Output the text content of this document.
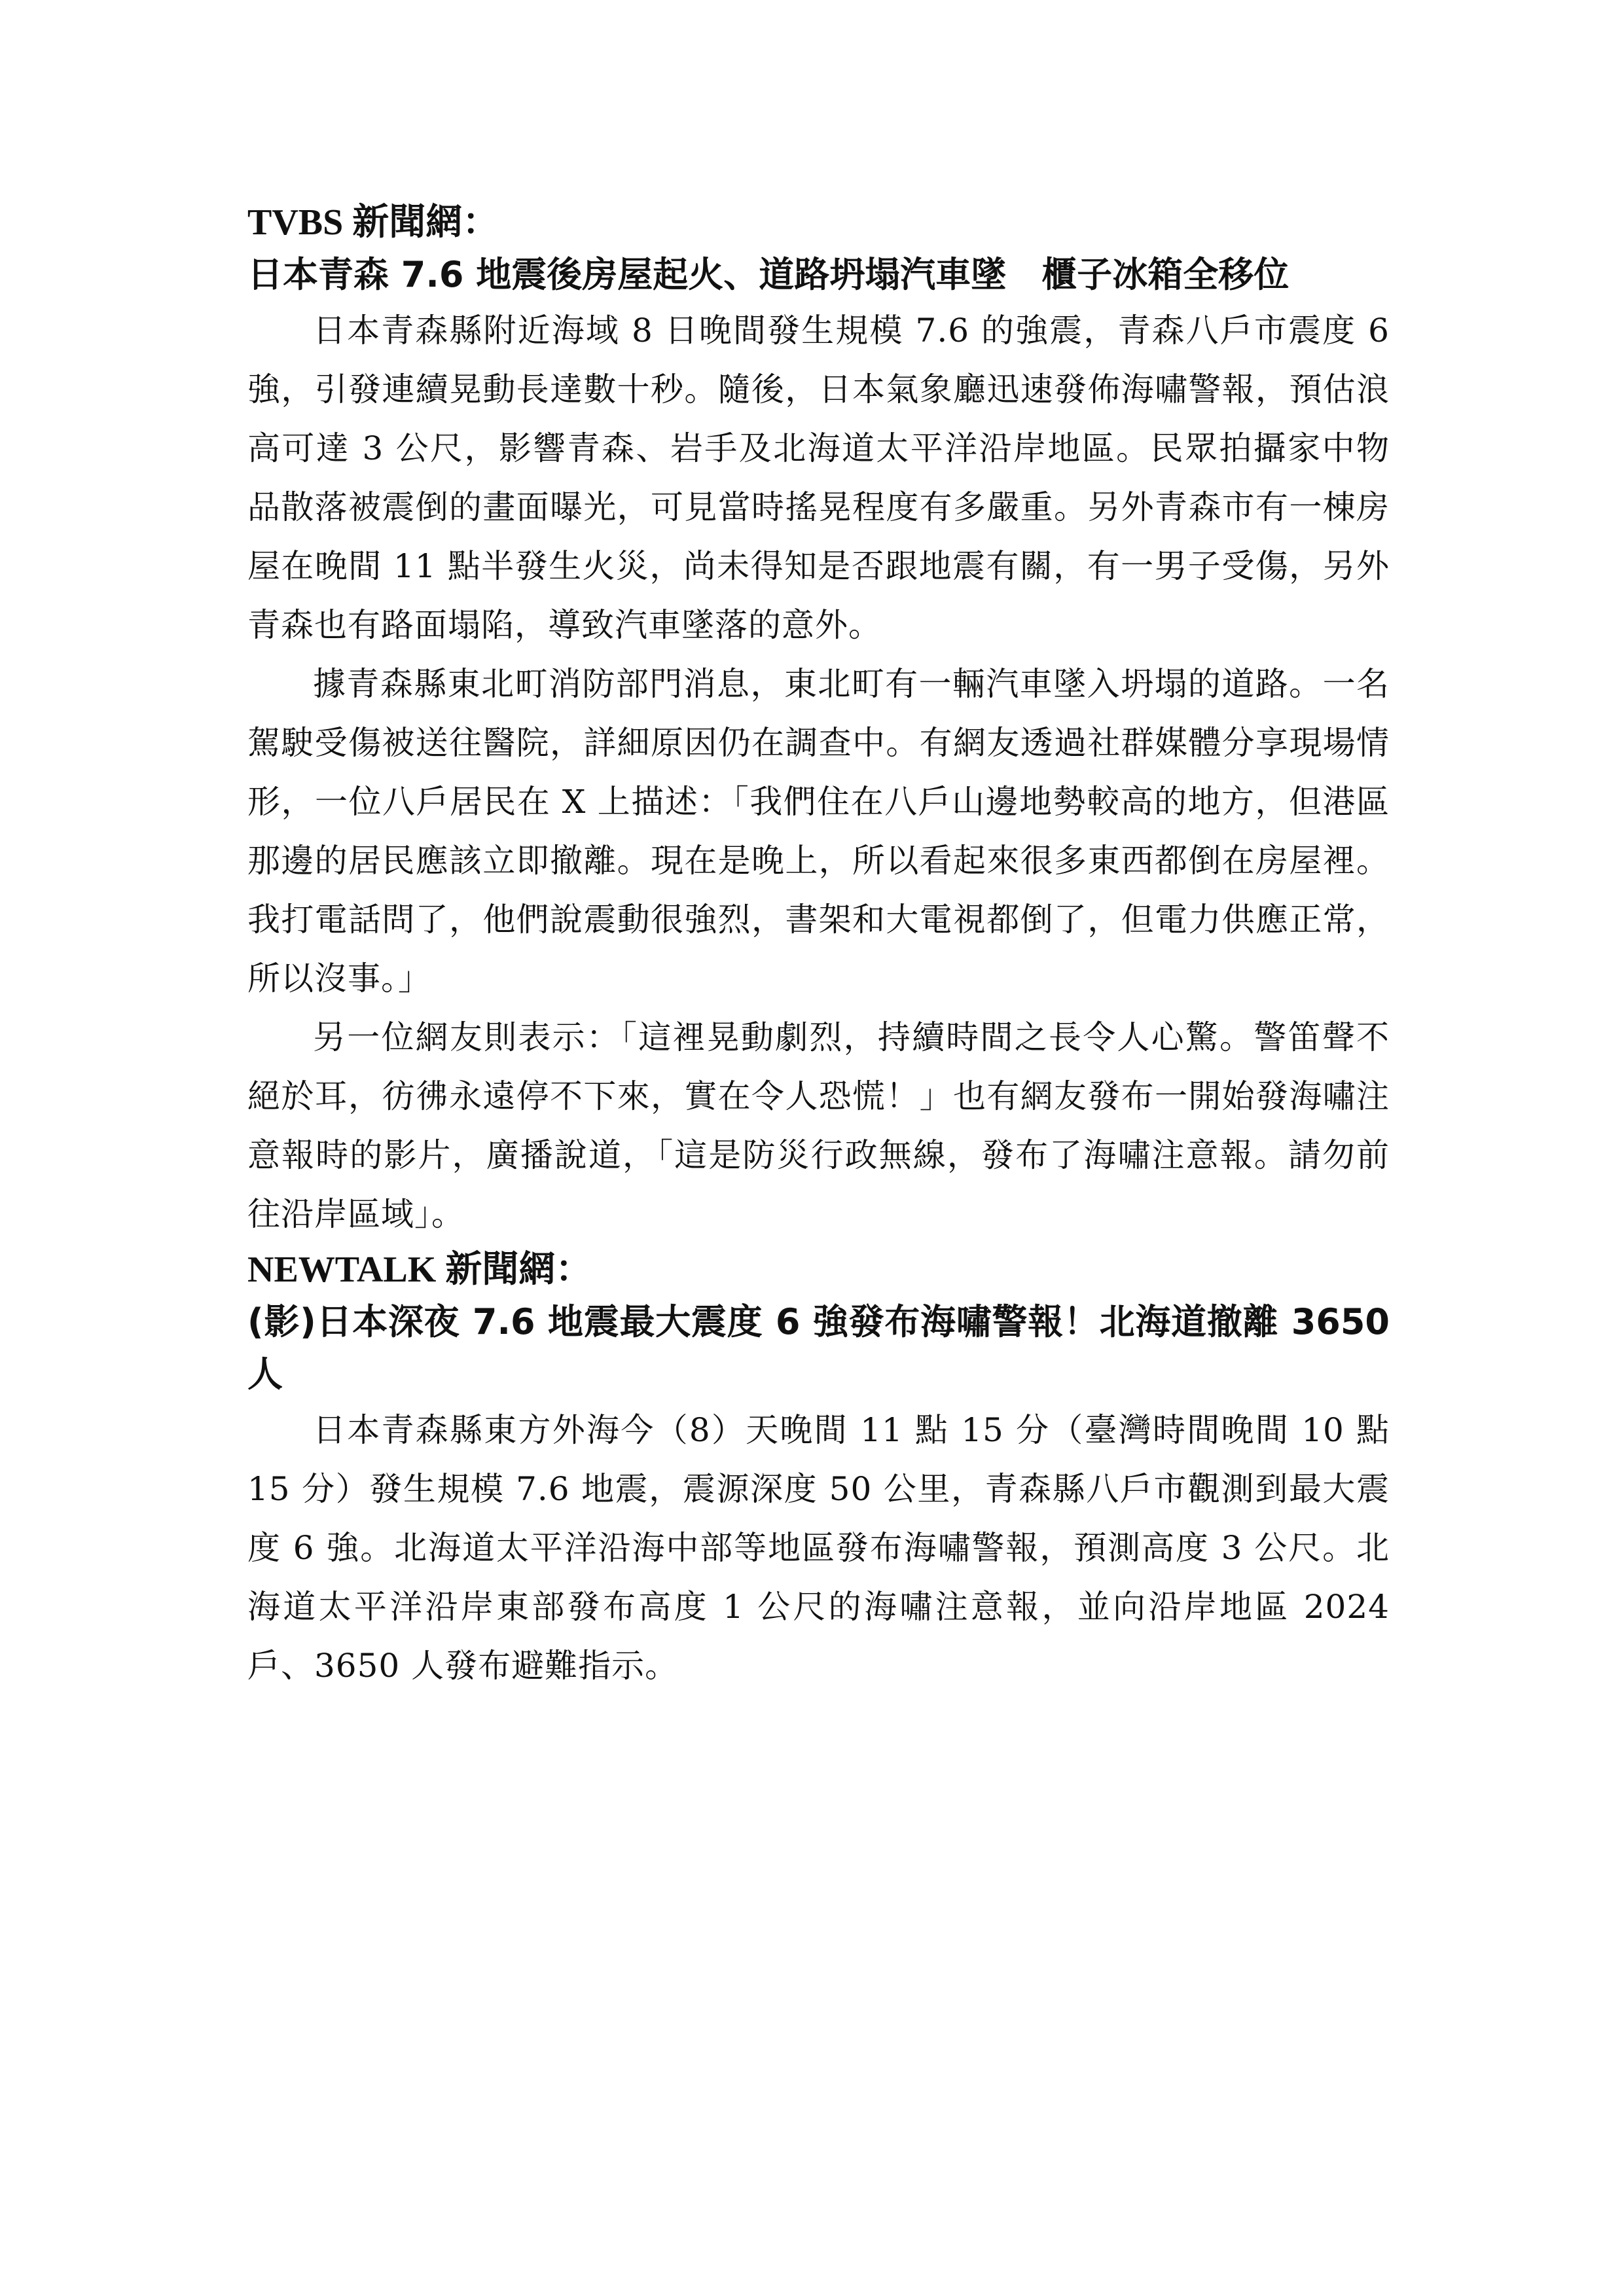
TVBS 新聞網：
日本青森 7.6 地震後房屋起火、道路坍塌汽車墜　櫃子冰箱全移位

日本青森縣附近海域 8 日晚間發生規模 7.6 的強震，青森八戶市震度 6 強，引發連續晃動長達數十秒。隨後，日本氣象廳迅速發佈海嘯警報，預估浪高可達 3 公尺，影響青森、岩手及北海道太平洋沿岸地區。民眾拍攝家中物品散落被震倒的畫面曝光，可見當時搖晃程度有多嚴重。另外青森市有一棟房屋在晚間 11 點半發生火災，尚未得知是否跟地震有關，有一男子受傷，另外青森也有路面塌陷，導致汽車墜落的意外。

據青森縣東北町消防部門消息，東北町有一輛汽車墜入坍塌的道路。一名駕駛受傷被送往醫院，詳細原因仍在調查中。有網友透過社群媒體分享現場情形，一位八戶居民在 X 上描述：「我們住在八戶山邊地勢較高的地方，但港區那邊的居民應該立即撤離。現在是晚上，所以看起來很多東西都倒在房屋裡。我打電話問了，他們說震動很強烈，書架和大電視都倒了，但電力供應正常，所以沒事。」

另一位網友則表示：「這裡晃動劇烈，持續時間之長令人心驚。警笛聲不絕於耳，彷彿永遠停不下來，實在令人恐慌！」也有網友發布一開始發海嘯注意報時的影片，廣播說道，「這是防災行政無線，發布了海嘯注意報。請勿前往沿岸區域」。

NEWTALK 新聞網：
(影)日本深夜 7.6 地震最大震度 6 強發布海嘯警報！北海道撤離 3650 人

日本青森縣東方外海今（8）天晚間 11 點 15 分（臺灣時間晚間 10 點 15 分）發生規模 7.6 地震，震源深度 50 公里，青森縣八戶市觀測到最大震度 6 強。北海道太平洋沿海中部等地區發布海嘯警報，預測高度 3 公尺。北海道太平洋沿岸東部發布高度 1 公尺的海嘯注意報，並向沿岸地區 2024 戶、3650 人發布避難指示。
